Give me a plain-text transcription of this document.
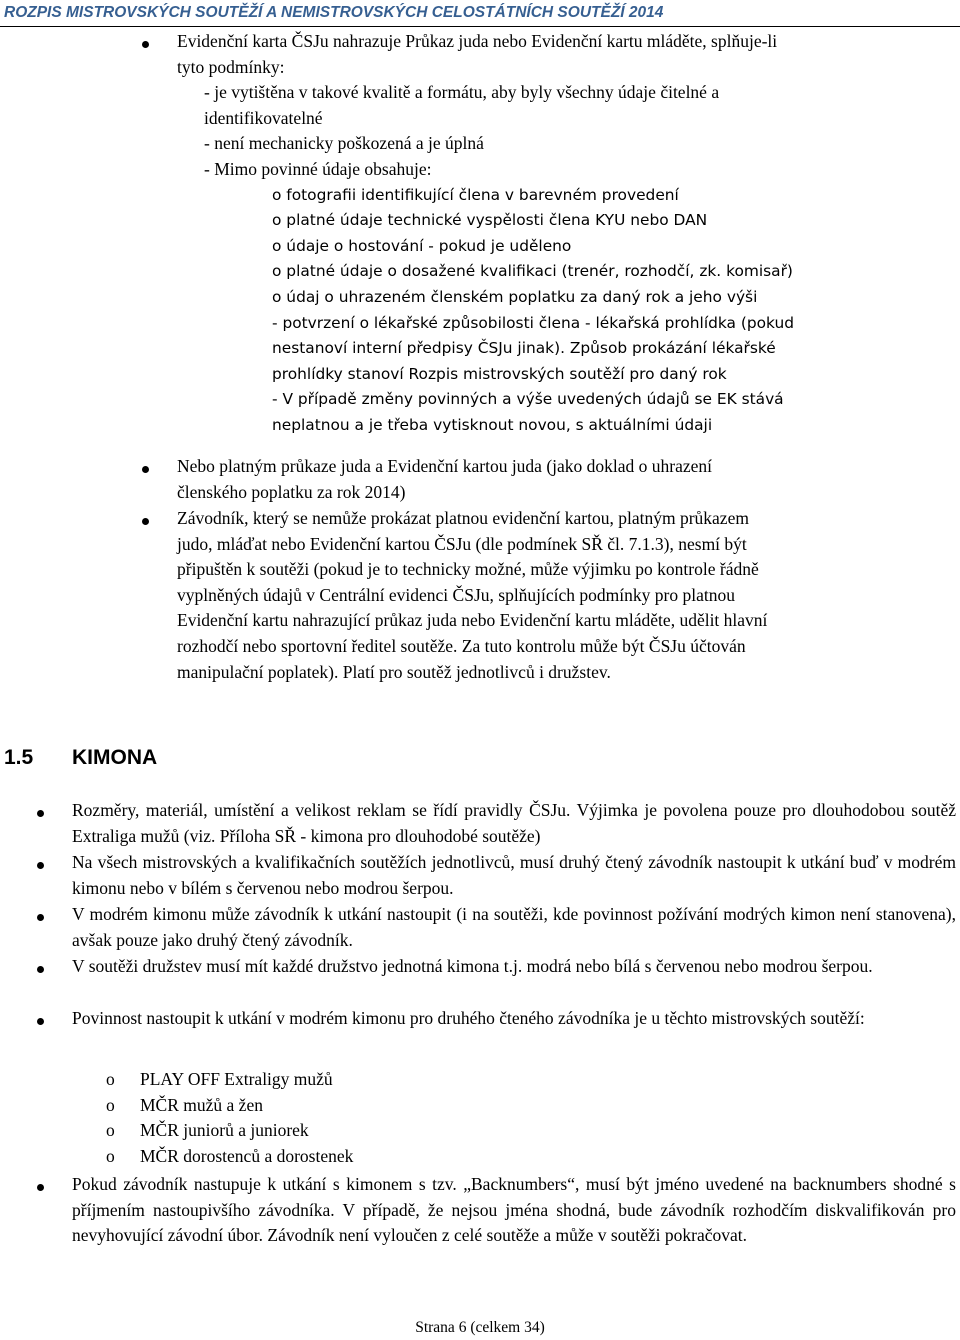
ROZPIS MISTROVSKÝCH SOUTĚŽÍ A NEMISTROVSKÝCH CELOSTÁTNÍCH SOUTĚŽÍ 2014
Evidenční karta ČSJu nahrazuje Průkaz juda nebo Evidenční kartu mláděte, splňuje-li
tyto podmínky:
- je vytištěna v takové kvalitě a formátu, aby byly všechny údaje čitelné a
identifikovatelné
- není mechanicky poškozená a je úplná
- Mimo povinné údaje obsahuje:
o fotografii identifikující člena v barevném provedení
o platné údaje technické vyspělosti člena KYU nebo DAN
o údaje o hostování - pokud je uděleno
o platné údaje o dosažené kvalifikaci (trenér, rozhodčí, zk. komisař)
o údaj o uhrazeném členském poplatku za daný rok a jeho výši
- potvrzení o lékařské způsobilosti člena - lékařská prohlídka (pokud
nestanoví interní předpisy ČSJu jinak). Způsob prokázání lékařské
prohlídky stanoví Rozpis mistrovských soutěží pro daný rok
- V případě změny povinných a výše uvedených údajů se EK stává
neplatnou a je třeba vytisknout novou, s aktuálními údaji
Nebo platným průkaze juda a Evidenční kartou juda (jako doklad o uhrazení
členského poplatku za rok 2014)
Závodník, který se nemůže prokázat platnou evidenční kartou, platným průkazem
judo, mláďat nebo Evidenční kartou ČSJu (dle podmínek SŘ čl. 7.1.3), nesmí být
připuštěn k soutěži (pokud je to technicky možné, může výjimku po kontrole řádně
vyplněných údajů v Centrální evidenci ČSJu, splňujících podmínky pro platnou
Evidenční kartu nahrazující průkaz juda nebo Evidenční kartu mláděte, udělit hlavní
rozhodčí nebo sportovní ředitel soutěže. Za tuto kontrolu může být ČSJu účtován
manipulační poplatek). Platí pro soutěž jednotlivců i družstev.
1.5 KIMONA
Rozměry, materiál, umístění a velikost reklam se řídí pravidly ČSJu. Výjimka je povolena pouze pro dlouhodobou soutěž Extraliga mužů (viz. Příloha SŘ - kimona pro dlouhodobé soutěže)
Na všech mistrovských a kvalifikačních soutěžích jednotlivců, musí druhý čtený závodník nastoupit k utkání buď v modrém kimonu nebo v bílém s červenou nebo modrou šerpou.
V modrém kimonu může závodník k utkání nastoupit (i na soutěži, kde povinnost požívání modrých kimon není stanovena), avšak pouze jako druhý čtený závodník.
V soutěži družstev musí mít každé družstvo jednotná kimona t.j. modrá nebo bílá s červenou nebo modrou šerpou.
Povinnost nastoupit k utkání v modrém kimonu pro druhého čteného závodníka je u těchto mistrovských soutěží:
o PLAY OFF Extraligy mužů
o MČR mužů a žen
o MČR juniorů a juniorek
o MČR dorostenců a dorostenek
Pokud závodník nastupuje k utkání s kimonem s tzv. „Backnumbers“, musí být jméno uvedené na backnumbers shodné s příjmením nastoupivšího závodníka. V případě, že nejsou jména shodná, bude závodník rozhodčím diskvalifikován pro nevyhovující závodní úbor. Závodník není vyloučen z celé soutěže a může v soutěži pokračovat.
Strana 6 (celkem 34)
